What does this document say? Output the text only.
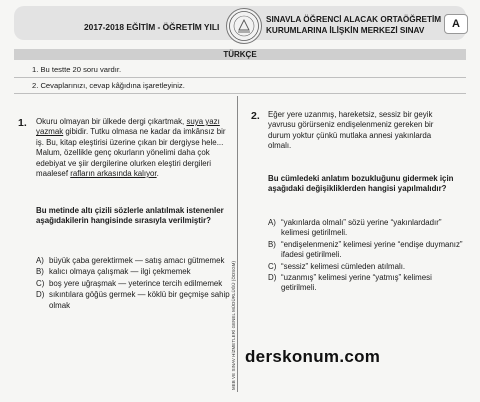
2017-2018 EĞİTİM - ÖĞRETİM YILI
SINAVLA ÖĞRENCİ ALACAK ORTAÖĞRETİM
KURUMLARINA İLİŞKİN MERKEZİ SINAV
A
TÜRKÇE
1. Bu testte 20 soru vardır.
2. Cevaplarınızı, cevap kâğıdına işaretleyiniz.
MEB VE SINAV HİZMETLERİ GENEL MÜDÜRLÜĞÜ (ÖDSGM)
1. Okuru olmayan bir ülkede dergi çıkartmak, suya yazı yazmak gibidir. Tutku olmasa ne kadar da imkânsız bir iş. Bu, kitap eleştirisi üzerine çıkan bir dergiyse hele... Malum, özellikle genç okurların yönelimi daha çok edebiyat ve şiir dergilerine olurken eleştiri dergileri maalesef rafların arkasında kalıyor.
Bu metinde altı çizili sözlerle anlatılmak istenenler aşağıdakilerin hangisinde sırasıyla verilmiştir?
A) büyük çaba gerektirmek — satış amacı gütmemek
B) kalıcı olmaya çalışmak — ilgi çekmemek
C) boş yere uğraşmak — yeterince tercih edilmemek
D) sıkıntılara göğüs germek — köklü bir geçmişe sahip olmak
2. Eğer yere uzanmış, hareketsiz, sessiz bir geyik yavrusu görürseniz endişelenmeniz gereken bir durum yoktur çünkü mutlaka annesi yakınlarda olmalı.
Bu cümledeki anlatım bozukluğunu gidermek için aşağıdaki değişikliklerden hangisi yapılmalıdır?
A) “yakınlarda olmalı” sözü yerine “yakınlardadır” kelimesi getirilmeli.
B) “endişelenmeniz” kelimesi yerine “endişe duymanız” ifadesi getirilmeli.
C) “sessiz” kelimesi cümleden atılmalı.
D) “uzanmış” kelimesi yerine “yatmış” kelimesi getirilmeli.
derskonum.com
